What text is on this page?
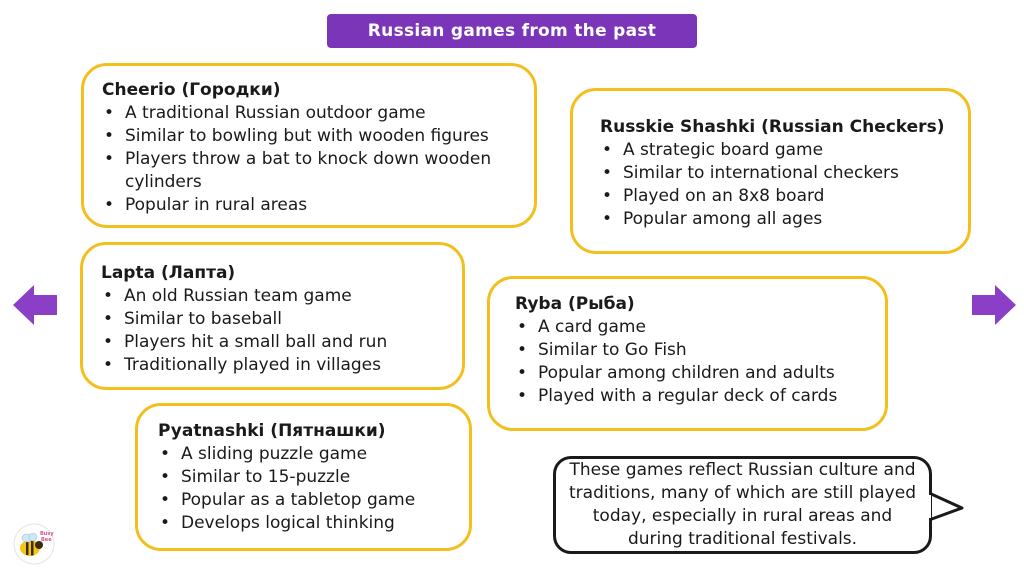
Russian games from the past
Cheerio (Городки)
• A traditional Russian outdoor game
• Similar to bowling but with wooden figures
• Players throw a bat to knock down wooden cylinders
• Popular in rural areas
Russkie Shashki (Russian Checkers)
• A strategic board game
• Similar to international checkers
• Played on an 8x8 board
• Popular among all ages
Lapta (Лапта)
• An old Russian team game
• Similar to baseball
• Players hit a small ball and run
• Traditionally played in villages
Ryba (Рыба)
• A card game
• Similar to Go Fish
• Popular among children and adults
• Played with a regular deck of cards
Pyatnashki (Пятнашки)
• A sliding puzzle game
• Similar to 15-puzzle
• Popular as a tabletop game
• Develops logical thinking
These games reflect Russian culture and traditions, many of which are still played today, especially in rural areas and during traditional festivals.
Busy
Bee
